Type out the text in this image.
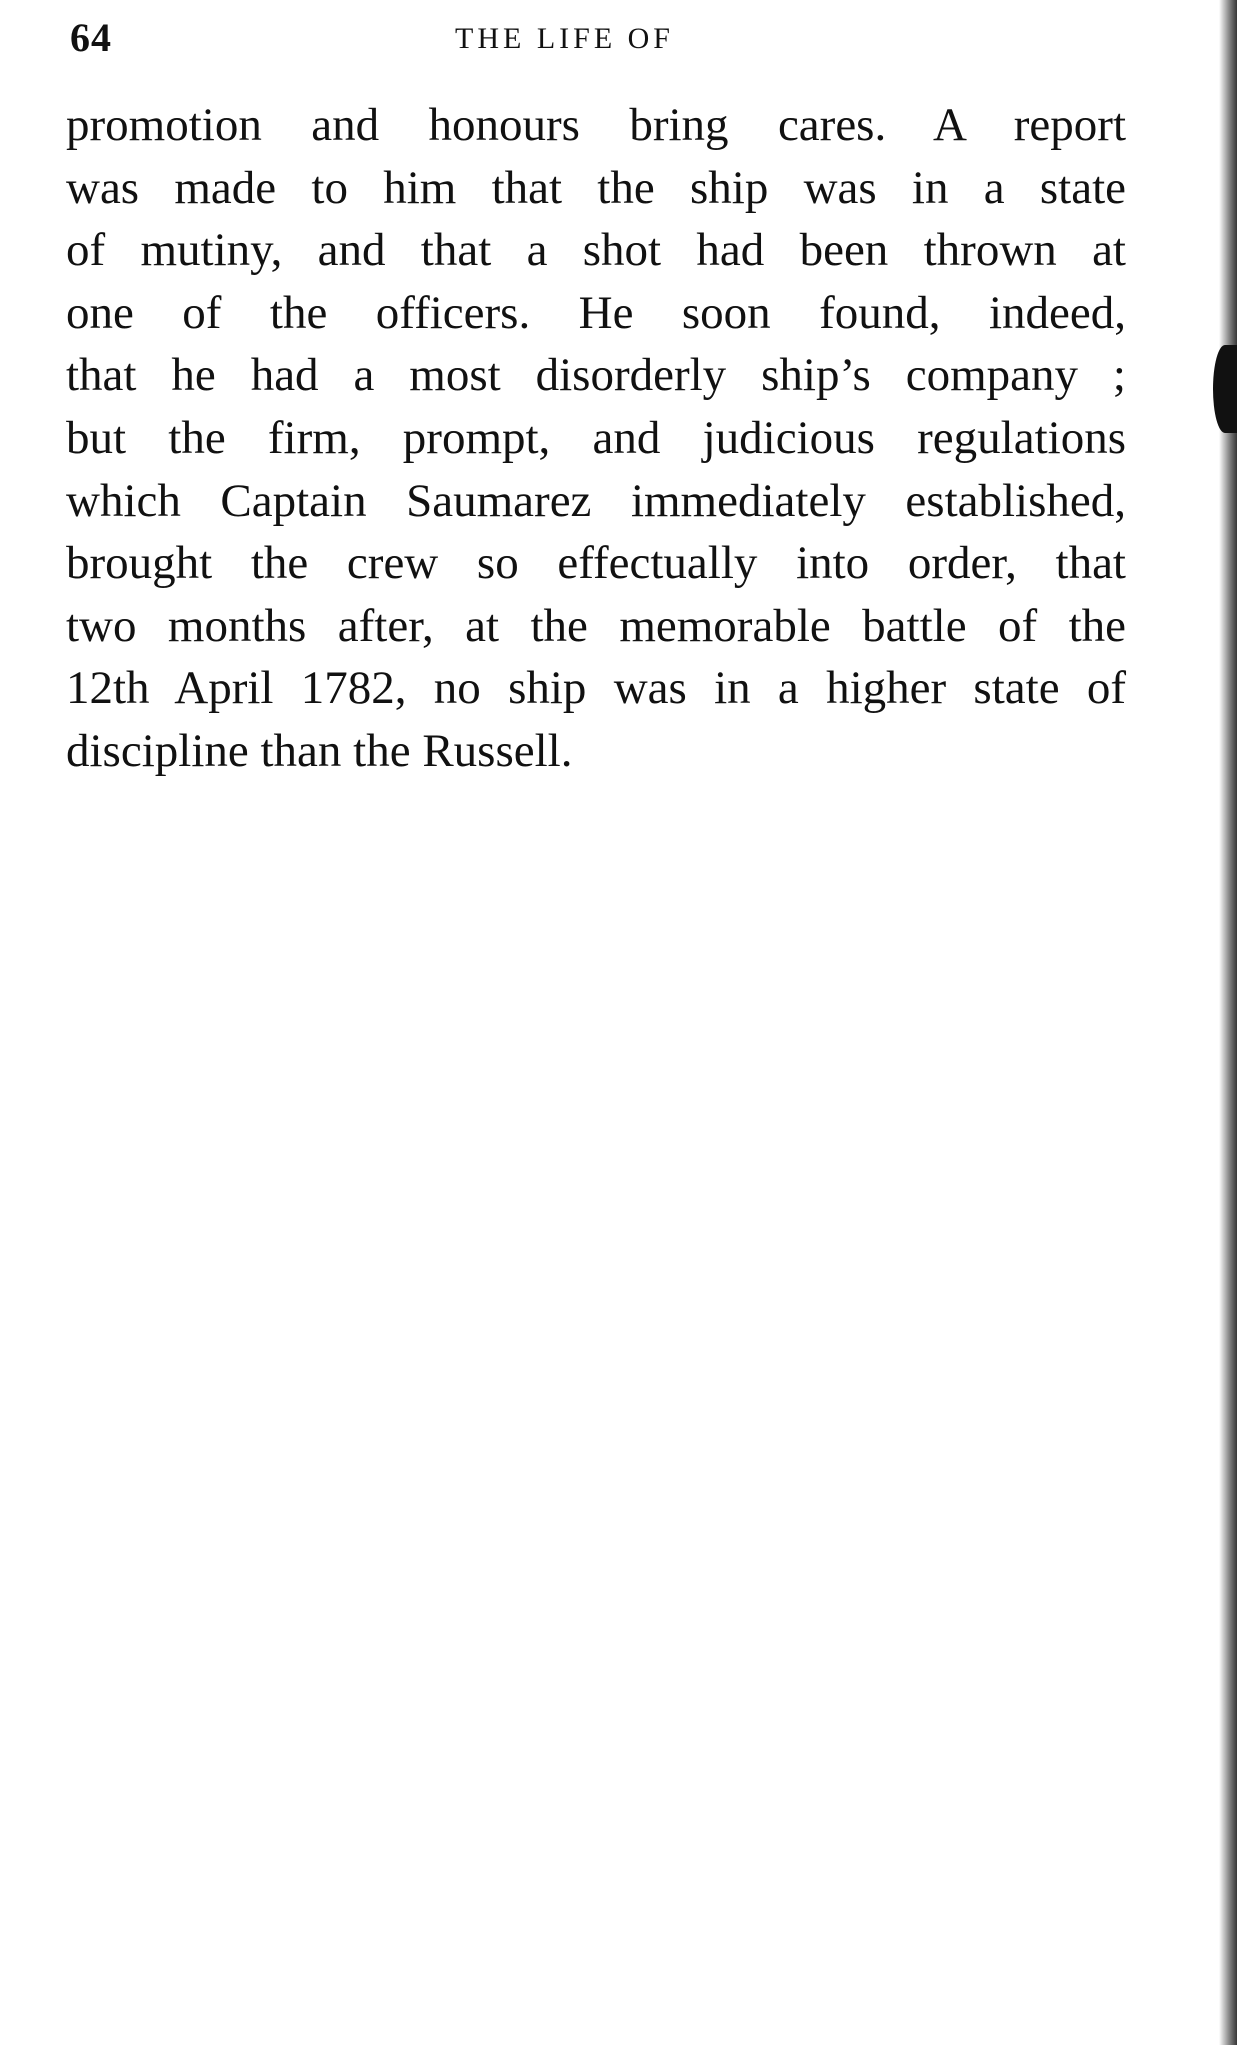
64	THE LIFE OF
promotion and honours bring cares. A report
was made to him that the ship was in a state
of mutiny, and that a shot had been thrown at
one of the officers. He soon found, indeed,
that he had a most disorderly ship’s company ;
but the firm, prompt, and judicious regulations
which Captain Saumarez immediately established,
brought the crew so effectually into order, that
two months after, at the memorable battle of the
12th April 1782, no ship was in a higher state of
discipline than the Russell.
